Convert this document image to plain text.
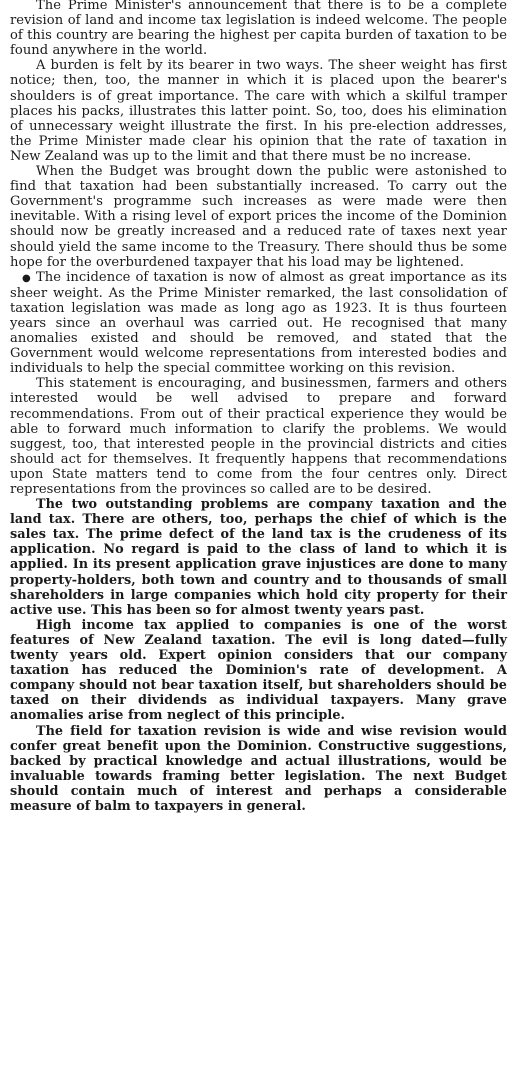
The Prime Minister's announcement that there is to be a complete revision of land and income tax legislation is indeed welcome. The people of this country are bearing the highest per capita burden of taxation to be found anywhere in the world.

A burden is felt by its bearer in two ways. The sheer weight has first notice; then, too, the manner in which it is placed upon the bearer's shoulders is of great importance. The care with which a skilful tramper places his packs, illustrates this latter point. So, too, does his elimination of unnecessary weight illustrate the first. In his pre-election addresses, the Prime Minister made clear his opinion that the rate of taxation in New Zealand was up to the limit and that there must be no increase.

When the Budget was brought down the public were astonished to find that taxation had been substantially increased. To carry out the Government's programme such increases as were made were then inevitable. With a rising level of export prices the income of the Dominion should now be greatly increased and a reduced rate of taxes next year should yield the same income to the Treasury. There should thus be some hope for the overburdened taxpayer that his load may be lightened.

● The incidence of taxation is now of almost as great importance as its sheer weight. As the Prime Minister remarked, the last consolidation of taxation legislation was made as long ago as 1923. It is thus fourteen years since an overhaul was carried out. He recognised that many anomalies existed and should be removed, and stated that the Government would welcome representations from interested bodies and individuals to help the special committee working on this revision.

This statement is encouraging, and businessmen, farmers and others interested would be well advised to prepare and forward recommendations. From out of their practical experience they would be able to forward much information to clarify the problems. We would suggest, too, that interested people in the provincial districts and cities should act for themselves. It frequently happens that recommendations upon State matters tend to come from the four centres only. Direct representations from the provinces so called are to be desired.

The two outstanding problems are company taxation and the land tax. There are others, too, perhaps the chief of which is the sales tax. The prime defect of the land tax is the crudeness of its application. No regard is paid to the class of land to which it is applied. In its present application grave injustices are done to many property-holders, both town and country and to thousands of small shareholders in large companies which hold city property for their active use. This has been so for almost twenty years past.

High income tax applied to companies is one of the worst features of New Zealand taxation. The evil is long dated—fully twenty years old. Expert opinion considers that our company taxation has reduced the Dominion's rate of development. A company should not bear taxation itself, but shareholders should be taxed on their dividends as individual taxpayers. Many grave anomalies arise from neglect of this principle.

The field for taxation revision is wide and wise revision would confer great benefit upon the Dominion. Constructive suggestions, backed by practical knowledge and actual illustrations, would be invaluable towards framing better legislation. The next Budget should contain much of interest and perhaps a considerable measure of balm to taxpayers in general.
